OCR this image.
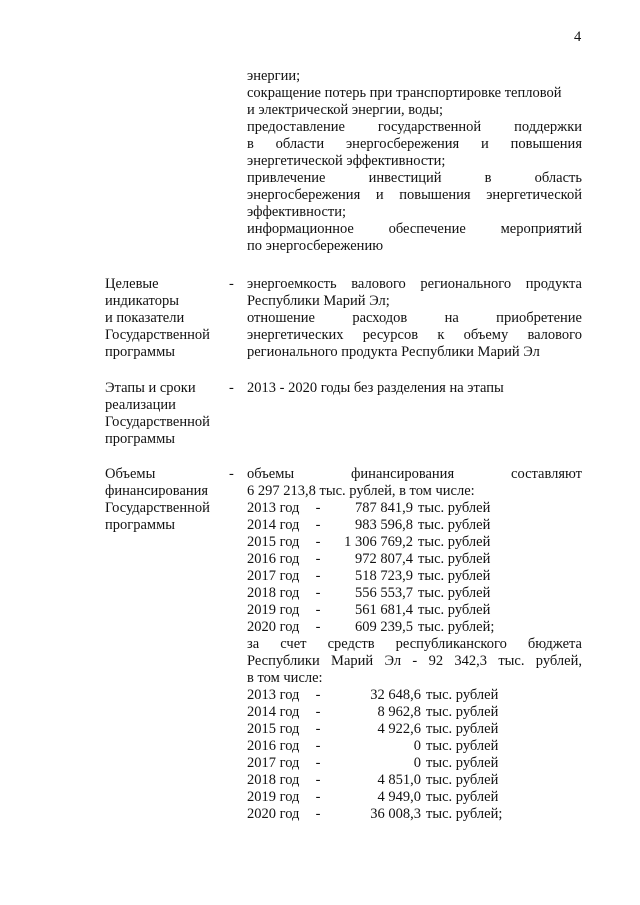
4
энергии;
сокращение потерь при транспортировке тепловой
и электрической энергии, воды;
предоставление государственной поддержки
в области энергосбережения и повышения
энергетической эффективности;
привлечение инвестиций в область
энергосбережения и повышения энергетической
эффективности;
информационное обеспечение мероприятий
по энергосбережению
Целевые
индикаторы
и показатели
Государственной
программы
- энергоемкость валового регионального продукта
Республики Марий Эл;
отношение расходов на приобретение
энергетических ресурсов к объему валового
регионального продукта Республики Марий Эл
Этапы и сроки
реализации
Государственной
программы
- 2013 - 2020 годы без разделения на этапы
Объемы
финансирования
Государственной
программы
- объемы финансирования составляют
6 297 213,8 тыс. рублей, в том числе:
2013 год	-	787 841,9 тыс. рублей
2014 год	-	983 596,8 тыс. рублей
2015 год	-	1 306 769,2 тыс. рублей
2016 год	-	972 807,4 тыс. рублей
2017 год	-	518 723,9 тыс. рублей
2018 год	-	556 553,7 тыс. рублей
2019 год	-	561 681,4 тыс. рублей
2020 год	-	609 239,5 тыс. рублей;
за счет средств республиканского бюджета
Республики Марий Эл - 92 342,3 тыс. рублей,
в том числе:
2013 год	-	32 648,6 тыс. рублей
2014 год	-	8 962,8 тыс. рублей
2015 год	-	4 922,6 тыс. рублей
2016 год	-	0 тыс. рублей
2017 год	-	0 тыс. рублей
2018 год	-	4 851,0 тыс. рублей
2019 год	-	4 949,0 тыс. рублей
2020 год	-	36 008,3 тыс. рублей;
